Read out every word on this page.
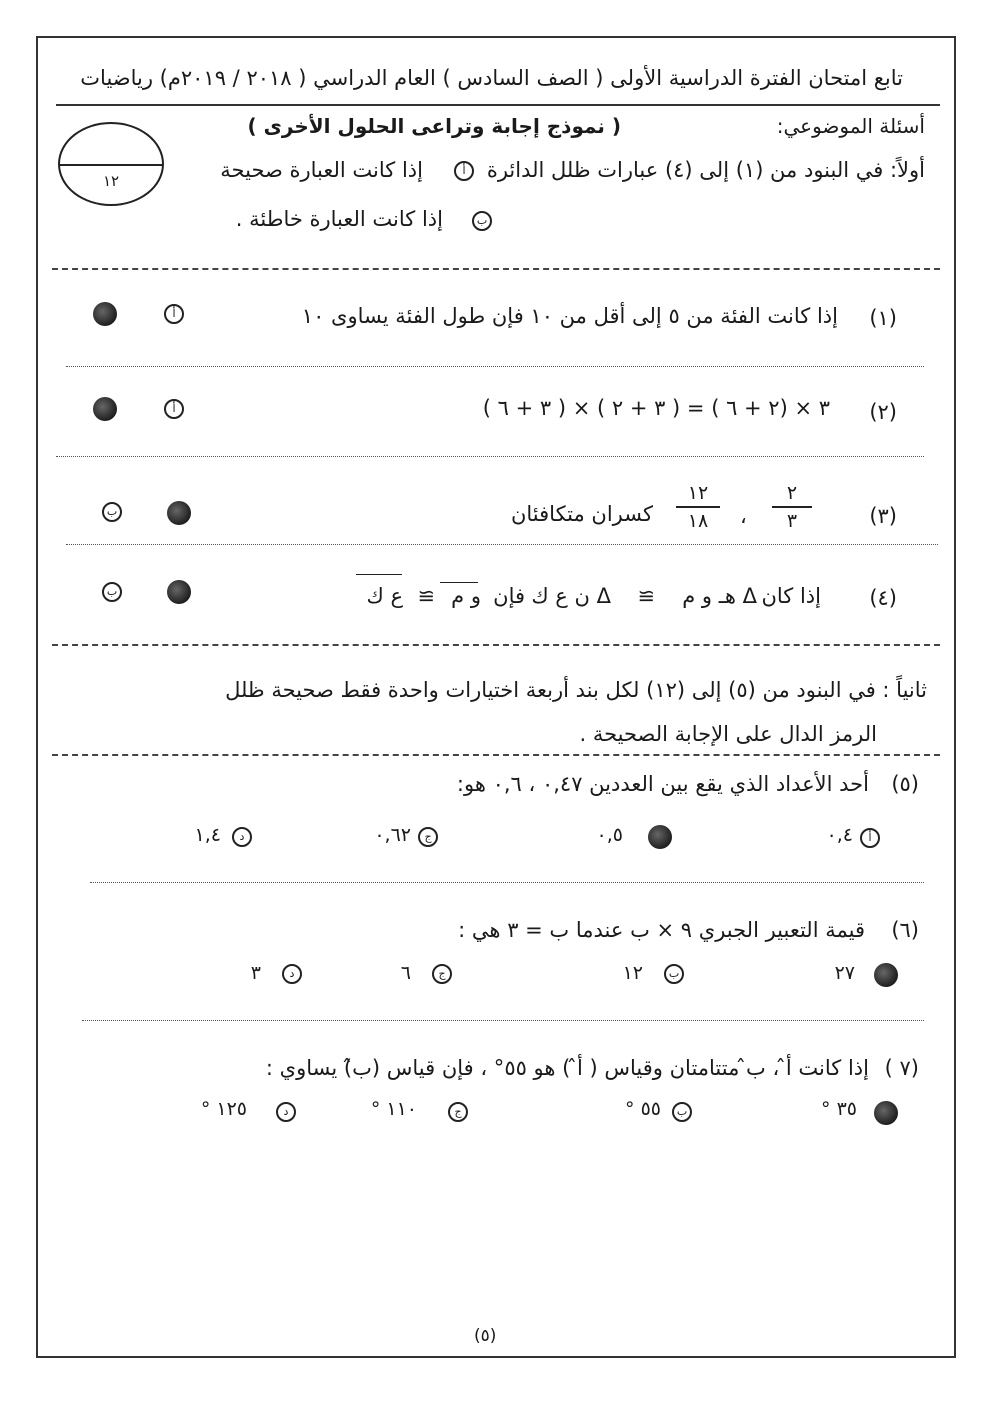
تابع امتحان الفترة الدراسية الأولى ( الصف السادس ) العام الدراسي ( ٢٠١٨ / ٢٠١٩م) رياضيات
١٢
أسئلة الموضوعي:
( نموذج إجابة وتراعى الحلول الأخرى )
أولاً: في البنود من (١) إلى (٤) عبارات ظلل الدائرة
أ
إذا كانت العبارة صحيحة
ب
إذا كانت العبارة خاطئة .
(١)
إذا كانت الفئة من ٥ إلى أقل من ١٠ فإن طول الفئة يساوى ١٠
أ
(٢)
٣ × (٢ + ٦ ) = ( ٣ + ٢ ) × ( ٣ + ٦ )
أ
(٣)
٢
٣
،
١٢
١٨
كسران متكافئان
ب
(٤)
إذا كان
Δ هـ و م
≅
Δ ن ع ك
فإن
و م
≅
ع ك
ب
ثانياً : في البنود من (٥) إلى (١٢) لكل بند أربعة اختيارات واحدة فقط صحيحة ظلل
الرمز الدال على الإجابة الصحيحة .
(٥)
أحد الأعداد الذي يقع بين العددين ٠,٤٧ ، ٠,٦ هو:
أ
٠,٤
٠,٥
ج
٠,٦٢
د
١,٤
(٦)
قيمة التعبير الجبري ٩ × ب عندما ب = ٣ هي :
٢٧
ب
١٢
ج
٦
د
٣
(٧ )
إذا كانت أ̂ ، ب̂ متتامتان وقياس ( أ̂ ) هو ٥٥° ، فإن قياس (ب̂) يساوي :
٣٥ °
ب
٥٥ °
ج
١١٠ °
د
١٢٥ °
(٥)
